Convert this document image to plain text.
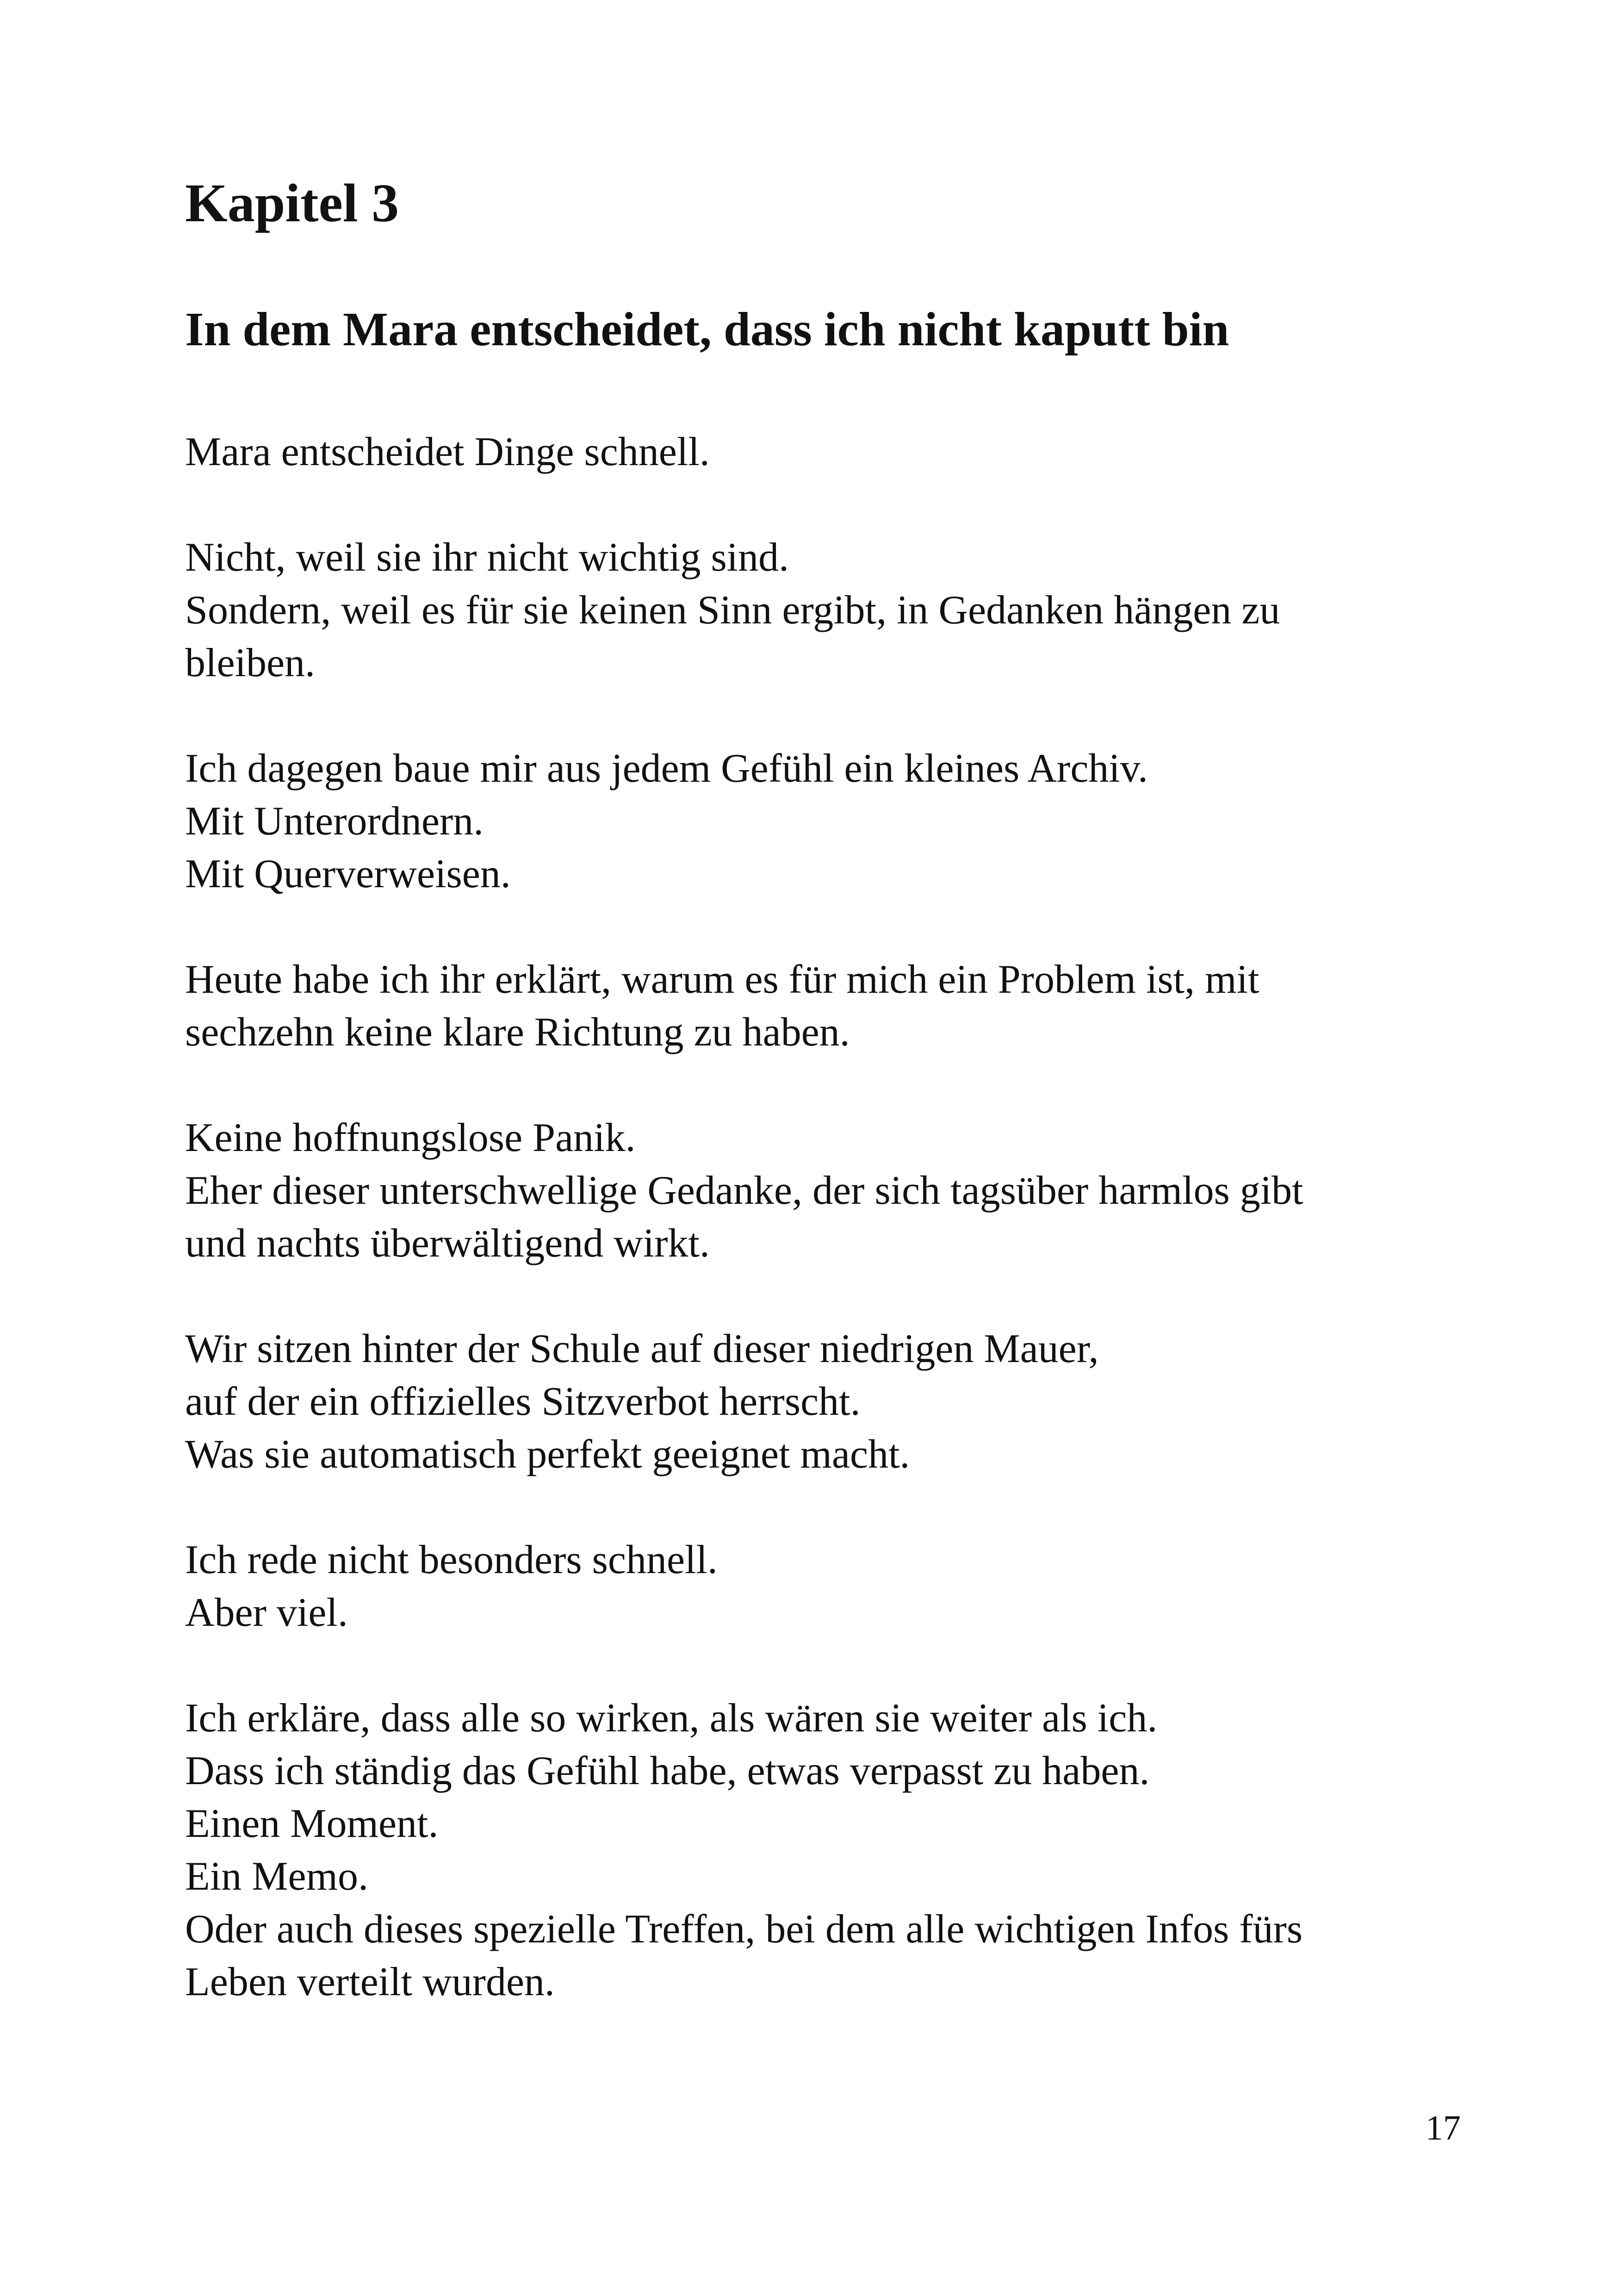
Kapitel 3
In dem Mara entscheidet, dass ich nicht kaputt bin

Mara entscheidet Dinge schnell.

Nicht, weil sie ihr nicht wichtig sind.
Sondern, weil es für sie keinen Sinn ergibt, in Gedanken hängen zu
bleiben.

Ich dagegen baue mir aus jedem Gefühl ein kleines Archiv.
Mit Unterordnern.
Mit Querverweisen.

Heute habe ich ihr erklärt, warum es für mich ein Problem ist, mit
sechzehn keine klare Richtung zu haben.

Keine hoffnungslose Panik.
Eher dieser unterschwellige Gedanke, der sich tagsüber harmlos gibt
und nachts überwältigend wirkt.

Wir sitzen hinter der Schule auf dieser niedrigen Mauer,
auf der ein offizielles Sitzverbot herrscht.
Was sie automatisch perfekt geeignet macht.

Ich rede nicht besonders schnell.
Aber viel.

Ich erkläre, dass alle so wirken, als wären sie weiter als ich.
Dass ich ständig das Gefühl habe, etwas verpasst zu haben.
Einen Moment.
Ein Memo.
Oder auch dieses spezielle Treffen, bei dem alle wichtigen Infos fürs
Leben verteilt wurden.

17
